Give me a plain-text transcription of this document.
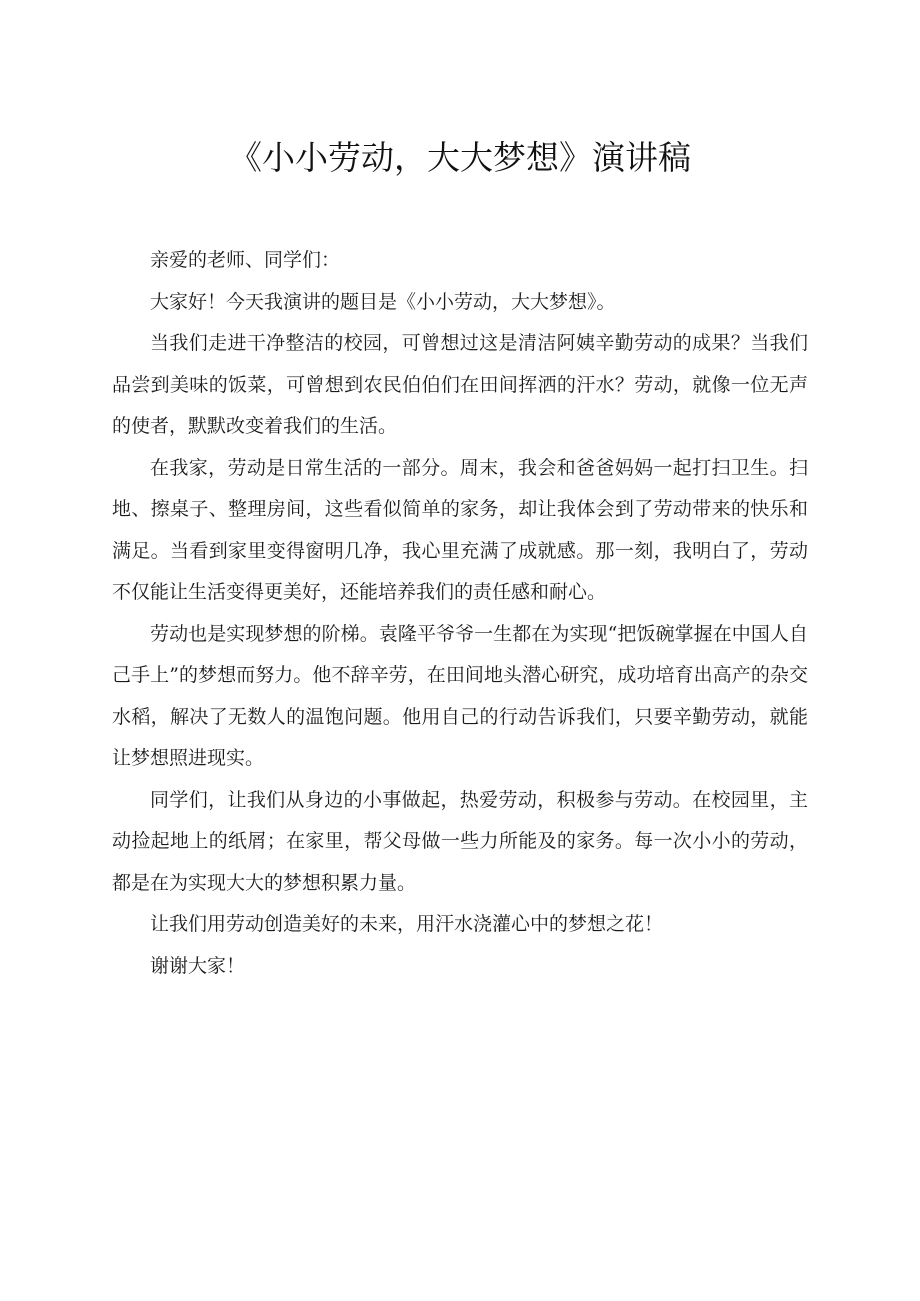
《小小劳动，大大梦想》演讲稿

亲爱的老师、同学们：

大家好！今天我演讲的题目是《小小劳动，大大梦想》。

当我们走进干净整洁的校园，可曾想过这是清洁阿姨辛勤劳动的成果？当我们品尝到美味的饭菜，可曾想到农民伯伯们在田间挥洒的汗水？劳动，就像一位无声的使者，默默改变着我们的生活。

在我家，劳动是日常生活的一部分。周末，我会和爸爸妈妈一起打扫卫生。扫地、擦桌子、整理房间，这些看似简单的家务，却让我体会到了劳动带来的快乐和满足。当看到家里变得窗明几净，我心里充满了成就感。那一刻，我明白了，劳动不仅能让生活变得更美好，还能培养我们的责任感和耐心。

劳动也是实现梦想的阶梯。袁隆平爷爷一生都在为实现“把饭碗掌握在中国人自己手上”的梦想而努力。他不辞辛劳，在田间地头潜心研究，成功培育出高产的杂交水稻，解决了无数人的温饱问题。他用自己的行动告诉我们，只要辛勤劳动，就能让梦想照进现实。

同学们，让我们从身边的小事做起，热爱劳动，积极参与劳动。在校园里，主动捡起地上的纸屑；在家里，帮父母做一些力所能及的家务。每一次小小的劳动，都是在为实现大大的梦想积累力量。

让我们用劳动创造美好的未来，用汗水浇灌心中的梦想之花！

谢谢大家！
